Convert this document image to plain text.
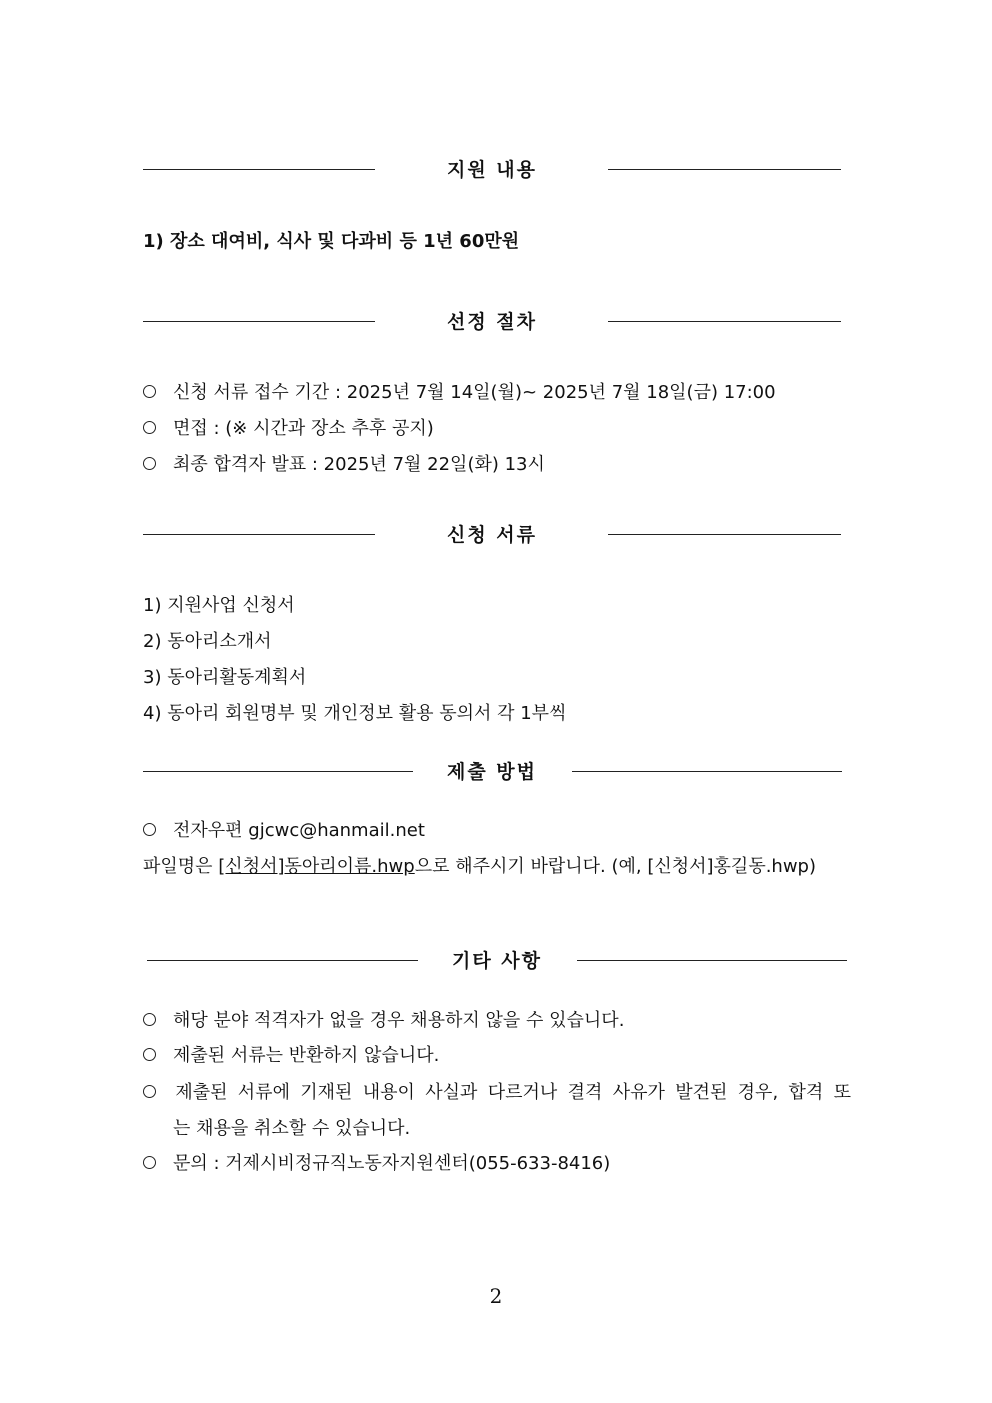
지원 내용
1) 장소 대여비, 식사 및 다과비 등 1년 60만원
선정 절차
신청 서류 접수 기간 : 2025년 7월 14일(월)~ 2025년 7월 18일(금) 17:00
면접 : (※ 시간과 장소 추후 공지)
최종 합격자 발표 : 2025년 7월 22일(화) 13시
신청 서류
1) 지원사업 신청서
2) 동아리소개서
3) 동아리활동계획서
4) 동아리 회원명부 및 개인정보 활용 동의서 각 1부씩
제출 방법
전자우편 gjcwc@hanmail.net
파일명은 [신청서]동아리이름.hwp으로 해주시기 바랍니다. (예, [신청서]홍길동.hwp)
기타 사항
해당 분야 적격자가 없을 경우 채용하지 않을 수 있습니다.
제출된 서류는 반환하지 않습니다.
제출된 서류에 기재된 내용이 사실과 다르거나 결격 사유가 발견된 경우, 합격 또
는 채용을 취소할 수 있습니다.
문의 : 거제시비정규직노동자지원센터(055-633-8416)
2
